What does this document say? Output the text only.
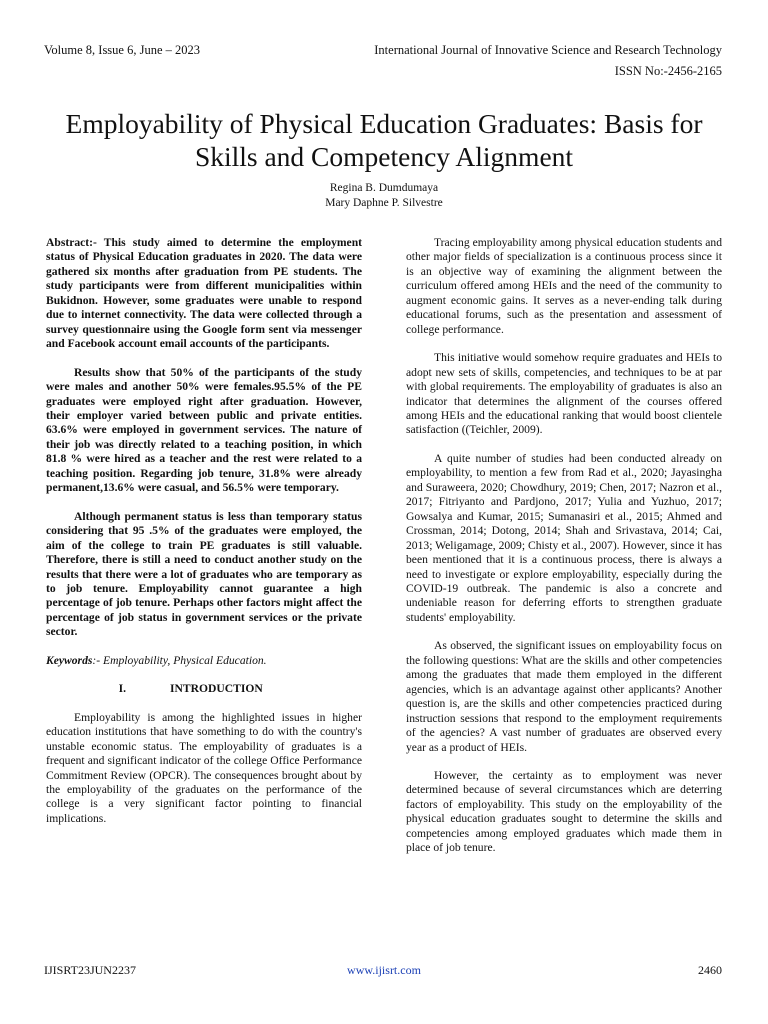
Volume 8, Issue 6, June – 2023	International Journal of Innovative Science and Research Technology
ISSN No:-2456-2165
Employability of Physical Education Graduates: Basis for Skills and Competency Alignment
Regina B. Dumdumaya
Mary Daphne P. Silvestre

Abstract:- This study aimed to determine the employment status of Physical Education graduates in 2020. The data were gathered six months after graduation from PE students. The study participants were from different municipalities within Bukidnon. However, some graduates were unable to respond due to internet connectivity. The data were collected through a survey questionnaire using the Google form sent via messenger and Facebook account email accounts of the participants.

Results show that 50% of the participants of the study were males and another 50% were females.95.5% of the PE graduates were employed right after graduation. However, their employer varied between public and private entities. 63.6% were employed in government services. The nature of their job was directly related to a teaching position, in which 81.8 % were hired as a teacher and the rest were related to a teaching position. Regarding job tenure, 31.8% were already permanent,13.6% were casual, and 56.5% were temporary.

Although permanent status is less than temporary status considering that 95 .5% of the graduates were employed, the aim of the college to train PE graduates is still valuable. Therefore, there is still a need to conduct another study on the results that there were a lot of graduates who are temporary as to job tenure. Employability cannot guarantee a high percentage of job tenure. Perhaps other factors might affect the percentage of job status in government services or the private sector.

Keywords:- Employability, Physical Education.
I.	INTRODUCTION

Employability is among the highlighted issues in higher education institutions that have something to do with the country's unstable economic status. The employability of graduates is a frequent and significant indicator of the college Office Performance Commitment Review (OPCR). The consequences brought about by the employability of the graduates on the performance of the college is a very significant factor pointing to financial implications.

Tracing employability among physical education students and other major fields of specialization is a continuous process since it is an objective way of examining the alignment between the curriculum offered among HEIs and the need of the community to augment economic gains. It serves as a never-ending talk during educational forums, such as the presentation and assessment of college performance.

This initiative would somehow require graduates and HEIs to adopt new sets of skills, competencies, and techniques to be at par with global requirements. The employability of graduates is also an indicator that determines the alignment of the courses offered among HEIs and the educational ranking that would boost clientele satisfaction ((Teichler, 2009).

A quite number of studies had been conducted already on employability, to mention a few from Rad et al., 2020; Jayasingha and Suraweera, 2020; Chowdhury, 2019; Chen, 2017; Nazron et al., 2017; Fitriyanto and Pardjono, 2017; Yulia and Yuzhuo, 2017; Gowsalya and Kumar, 2015; Sumanasiri et al., 2015; Ahmed and Crossman, 2014; Dotong, 2014; Shah and Srivastava, 2014; Cai, 2013; Weligamage, 2009; Chisty et al., 2007). However, since it has been mentioned that it is a continuous process, there is always a need to investigate or explore employability, especially during the COVID-19 outbreak. The pandemic is also a concrete and undeniable reason for deferring efforts to strengthen graduate students' employability.

As observed, the significant issues on employability focus on the following questions: What are the skills and other competencies among the graduates that made them employed in the different agencies, which is an advantage against other applicants? Another question is, are the skills and other competencies practiced during instruction sessions that respond to the employment requirements of the agencies? A vast number of graduates are observed every year as a product of HEIs.

However, the certainty as to employment was never determined because of several circumstances which are deterring factors of employability. This study on the employability of the physical education graduates sought to determine the skills and competencies among employed graduates which made them in place of job tenure.

IJISRT23JUN2237	www.ijisrt.com	2460
